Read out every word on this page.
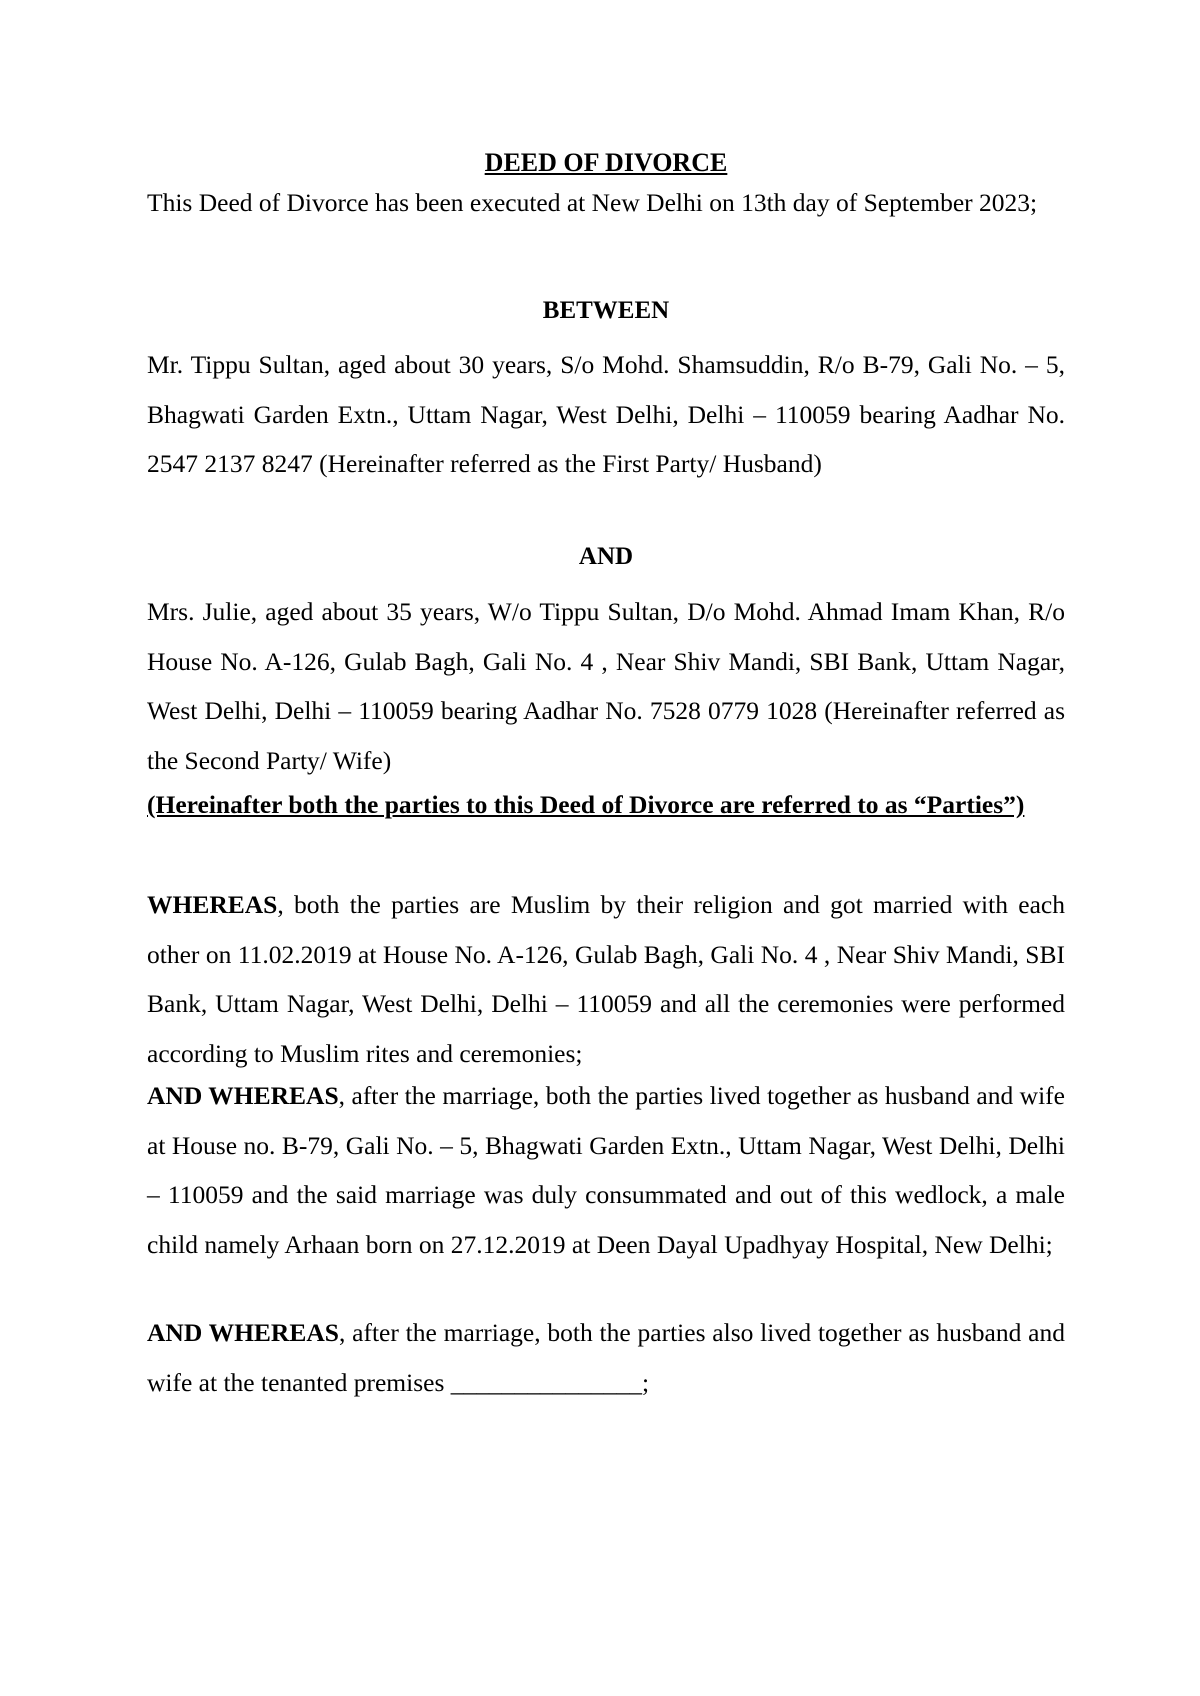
DEED OF DIVORCE
This Deed of Divorce has been executed at New Delhi on 13th day of September 2023;
BETWEEN
Mr. Tippu Sultan, aged about 30 years, S/o Mohd. Shamsuddin, R/o B-79, Gali No. – 5, Bhagwati Garden Extn., Uttam Nagar, West Delhi, Delhi – 110059 bearing Aadhar No. 2547 2137 8247 (Hereinafter referred as the First Party/ Husband)
AND
Mrs. Julie, aged about 35 years, W/o Tippu Sultan, D/o Mohd. Ahmad Imam Khan, R/o House No. A-126, Gulab Bagh, Gali No. 4 , Near Shiv Mandi, SBI Bank, Uttam Nagar, West Delhi, Delhi – 110059 bearing Aadhar No. 7528 0779 1028 (Hereinafter referred as the Second Party/ Wife)
(Hereinafter both the parties to this Deed of Divorce are referred to as “Parties”)
WHEREAS, both the parties are Muslim by their religion and got married with each other on 11.02.2019 at House No. A-126, Gulab Bagh, Gali No. 4 , Near Shiv Mandi, SBI Bank, Uttam Nagar, West Delhi, Delhi – 110059 and all the ceremonies were performed according to Muslim rites and ceremonies;
AND WHEREAS, after the marriage, both the parties lived together as husband and wife at House no. B-79, Gali No. – 5, Bhagwati Garden Extn., Uttam Nagar, West Delhi, Delhi – 110059 and the said marriage was duly consummated and out of this wedlock, a male child namely Arhaan born on 27.12.2019 at Deen Dayal Upadhyay Hospital, New Delhi;
AND WHEREAS, after the marriage, both the parties also lived together as husband and wife at the tenanted premises _______________;
